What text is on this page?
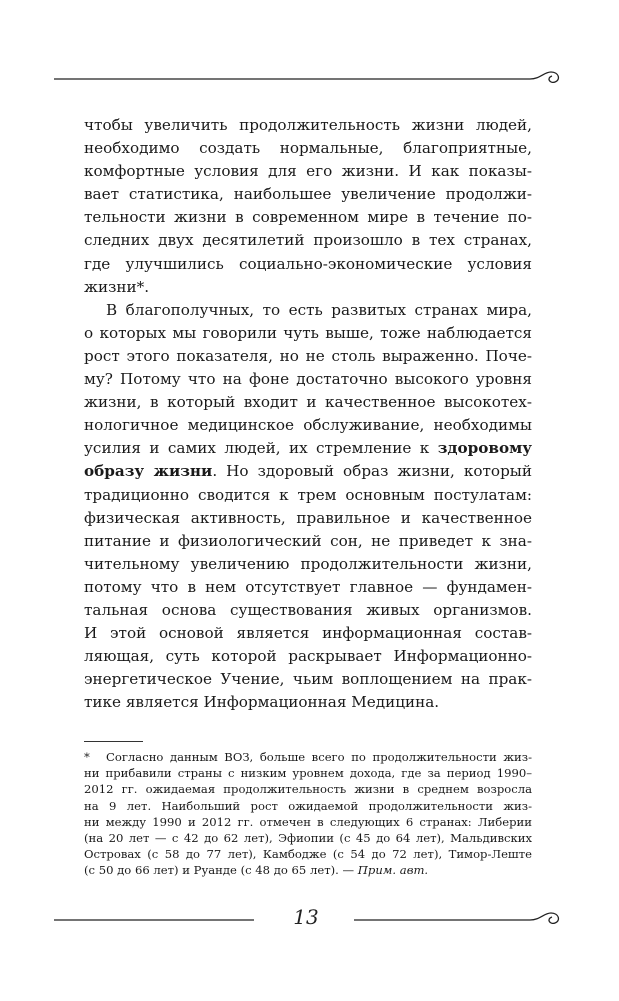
чтобы увеличить продолжительность жизни людей,
необходимо создать нормальные, благоприятные,
комфортные условия для его жизни. И как показы-
вает статистика, наибольшее увеличение продолжи-
тельности жизни в современном мире в течение по-
следних двух десятилетий произошло в тех странах,
где улучшились социально-экономические условия
жизни*.

В благополучных, то есть развитых странах мира,
о которых мы говорили чуть выше, тоже наблюдается
рост этого показателя, но не столь выраженно. Поче-
му? Потому что на фоне достаточно высокого уровня
жизни, в который входит и качественное высокотех-
нологичное медицинское обслуживание, необходимы
усилия и самих людей, их стремление к здоровому
образу жизни. Но здоровый образ жизни, который
традиционно сводится к трем основным постулатам:
физическая активность, правильное и качественное
питание и физиологический сон, не приведет к зна-
чительному увеличению продолжительности жизни,
потому что в нем отсутствует главное — фундамен-
тальная основа существования живых организмов.
И этой основой является информационная состав-
ляющая, суть которой раскрывает Информационно-
энергетическое Учение, чьим воплощением на прак-
тике является Информационная Медицина.

* Согласно данным ВОЗ, больше всего по продолжительности жиз-
ни прибавили страны с низким уровнем дохода, где за период 1990–
2012 гг. ожидаемая продолжительность жизни в среднем возросла
на 9 лет. Наибольший рост ожидаемой продолжительности жиз-
ни между 1990 и 2012 гг. отмечен в следующих 6 странах: Либерии
(на 20 лет — с 42 до 62 лет), Эфиопии (с 45 до 64 лет), Мальдивских
Островах (с 58 до 77 лет), Камбодже (с 54 до 72 лет), Тимор-Леште
(с 50 до 66 лет) и Руанде (с 48 до 65 лет). — Прим. авт.
13
